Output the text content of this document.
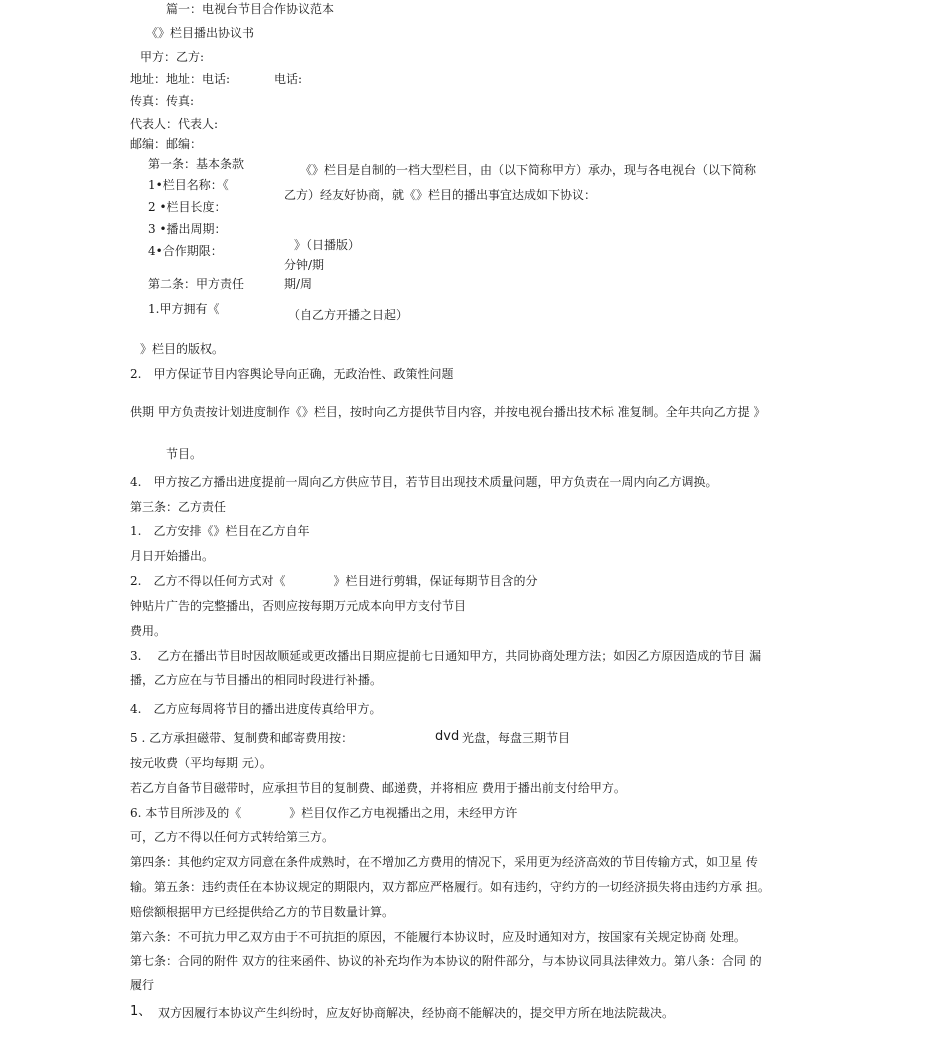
篇一：电视台节目合作协议范本
《》栏目播出协议书
甲方：乙方:
地址：地址：电话:	电话:
传真：传真:
代表人：代表人:
邮编：邮编：
第一条：基本条款	《》栏目是自制的一档大型栏目，由（以下简称甲方）承办，现与各电视台（以下简称
乙方）经友好协商，就《》栏目的播出事宜达成如下协议：
1•栏目名称：《
2 •栏目长度：
3 •播出周期：
4•合作期限：	》（日播版）
分钟/期
期/周
第二条：甲方责任
1.甲方拥有《	（自乙方开播之日起）
》栏目的版权。
2.　甲方保证节目内容舆论导向正确，无政治性、政策性问题
供期 甲方负责按计划进度制作《》栏目，按时向乙方提供节目内容，并按电视台播出技术标 准复制。全年共向乙方提 》
节目。
4.　甲方按乙方播出进度提前一周向乙方供应节目，若节目出现技术质量问题，甲方负责在一周内向乙方调换。
第三条：乙方责任
1.　乙方安排《》栏目在乙方自年
月日开始播出。
2.　乙方不得以任何方式对《　　　　》栏目进行剪辑，保证每期节目含的分
钟贴片广告的完整播出，否则应按每期万元成本向甲方支付节目
费用。
3.　 乙方在播出节目时因故顺延或更改播出日期应提前七日通知甲方，共同协商处理方法；如因乙方原因造成的节目 漏
播，乙方应在与节目播出的相同时段进行补播。
4.　乙方应每周将节目的播出进度传真给甲方。
5 . 乙方承担磁带、复制费和邮寄费用按：	dvd 光盘，每盘三期节目
按元收费（平均每期 元）。
若乙方自备节目磁带时，应承担节目的复制费、邮递费，并将相应 费用于播出前支付给甲方。
6. 本节目所涉及的《　　　　》栏目仅作乙方电视播出之用，未经甲方许
可，乙方不得以任何方式转给第三方。
第四条：其他约定双方同意在条件成熟时，在不增加乙方费用的情况下，采用更为经济高效的节目传输方式，如卫星 传
输。第五条：违约责任在本协议规定的期限内，双方都应严格履行。如有违约，守约方的一切经济损失将由违约方承 担。
赔偿额根据甲方已经提供给乙方的节目数量计算。
第六条：不可抗力甲乙双方由于不可抗拒的原因，不能履行本协议时，应及时通知对方，按国家有关规定协商 处理。
第七条：合同的附件 双方的往来函件、协议的补充均作为本协议的附件部分，与本协议同具法律效力。第八条：合同 的
履行
1、 双方因履行本协议产生纠纷时，应友好协商解决，经协商不能解决的，提交甲方所在地法院裁决。
